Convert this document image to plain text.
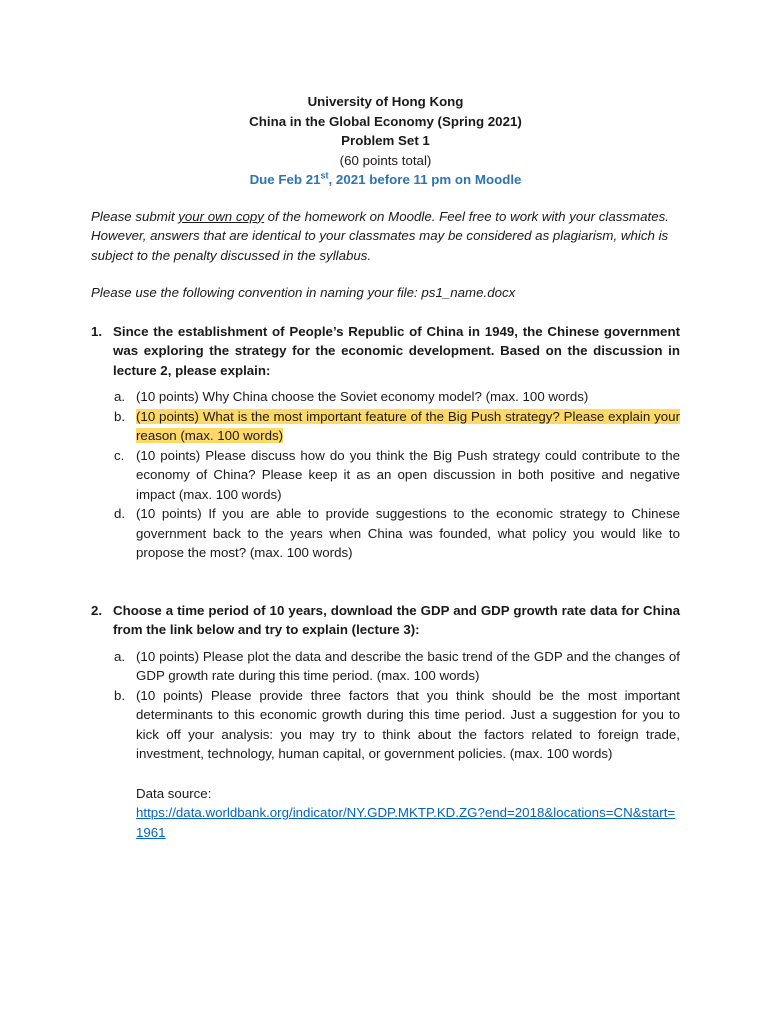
University of Hong Kong
China in the Global Economy (Spring 2021)
Problem Set 1
(60 points total)
Due Feb 21st, 2021 before 11 pm on Moodle
Please submit your own copy of the homework on Moodle. Feel free to work with your classmates. However, answers that are identical to your classmates may be considered as plagiarism, which is subject to the penalty discussed in the syllabus.
Please use the following convention in naming your file: ps1_name.docx
1. Since the establishment of People’s Republic of China in 1949, the Chinese government was exploring the strategy for the economic development. Based on the discussion in lecture 2, please explain:
a. (10 points) Why China choose the Soviet economy model? (max. 100 words)
b. (10 points) What is the most important feature of the Big Push strategy? Please explain your reason (max. 100 words)
c. (10 points) Please discuss how do you think the Big Push strategy could contribute to the economy of China? Please keep it as an open discussion in both positive and negative impact (max. 100 words)
d. (10 points) If you are able to provide suggestions to the economic strategy to Chinese government back to the years when China was founded, what policy you would like to propose the most? (max. 100 words)
2. Choose a time period of 10 years, download the GDP and GDP growth rate data for China from the link below and try to explain (lecture 3):
a. (10 points) Please plot the data and describe the basic trend of the GDP and the changes of GDP growth rate during this time period. (max. 100 words)
b. (10 points) Please provide three factors that you think should be the most important determinants to this economic growth during this time period. Just a suggestion for you to kick off your analysis: you may try to think about the factors related to foreign trade, investment, technology, human capital, or government policies. (max. 100 words)
Data source:
https://data.worldbank.org/indicator/NY.GDP.MKTP.KD.ZG?end=2018&locations=CN&start=1961
